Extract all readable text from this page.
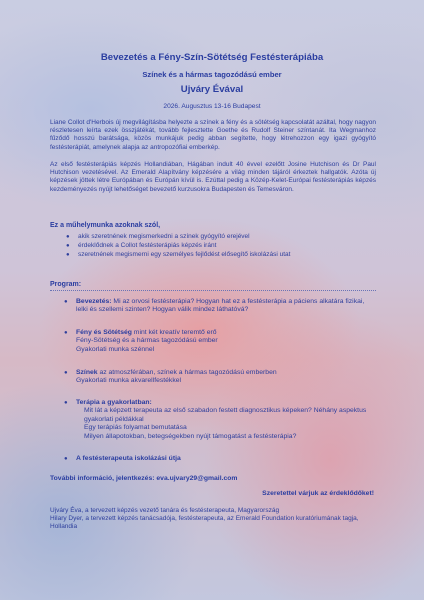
Bevezetés a Fény-Szín-Sötétség Festésterápiába
Színek és a hármas tagozódású ember
Ujváry Évával
2026. Augusztus 13-16 Budapest
Liane Collot d'Herbois új megvilágításba helyezte a színek a fény és a sötétség kapcsolatát azáltal, hogy nagyon részletesen leírta ezek összjátékát, tovább fejlesztette Goethe és Rudolf Steiner színtanát. Ita Wegmanhoz fűződő hosszú barátsága, közös munkájuk pedig abban segítette, hogy létrehozzon egy igazi gyógyító festésterápiát, amelynek alapja az antropozófiai emberkép.
Az első festésterápiás képzés Hollandiában, Hágában indult 40 évvel ezelőtt Josine Hutchison és Dr Paul Hutchison vezetésével. Az Emerald Alapítvány képzésére a világ minden tájáról érkeztek hallgatók. Azóta új képzések jöttek létre Európában és Európán kívül is. Ezúttal pedig a Közép-Kelet-Európai festésterápiás képzés kezdeményezés nyújt lehetőséget bevezető kurzusokra Budapesten és Temesváron.
Ez a műhelymunka azoknak szól,
● akik szeretnének megismerkedni a színek gyógyító erejével
● érdeklődnek a Collot festésterápiás képzés iránt
● szeretnének megismerni egy személyes fejlődést elősegítő iskolázási utat
Program:
● Bevezetés: Mi az orvosi festésterápia? Hogyan hat ez a festésterápia a páciens alkatára fizikai, lelki és szellemi szinten? Hogyan válik mindez láthatóvá?
● Fény és Sötétség mint két kreatív teremtő erő
Fény-Sötétség és a hármas tagozódású ember
Gyakorlati munka szénnel
● Színek az atmoszférában, színek a hármas tagozódású emberben
Gyakorlati munka akvarellfestékkel
● Terápia a gyakorlatban:

Mit lát a képzett terapeuta az első szabadon festett diagnosztikus képeken? Néhány aspektus gyakorlati példákkal
Egy terápiás folyamat bemutatása
Milyen állapotokban, betegségekben nyújt támogatást a festésterápia?
● A festésterapeuta iskolázási útja
További információ, jelentkezés: eva.ujvary29@gmail.com
Szeretettel várjuk az érdeklődőket!
Ujváry Éva, a tervezett képzés vezető tanára és festésterapeuta, Magyarország
Hilary Dyer, a tervezett képzés tanácsadója, festésterapeuta, az Emerald Foundation kuratóriumának tagja, Hollandia
